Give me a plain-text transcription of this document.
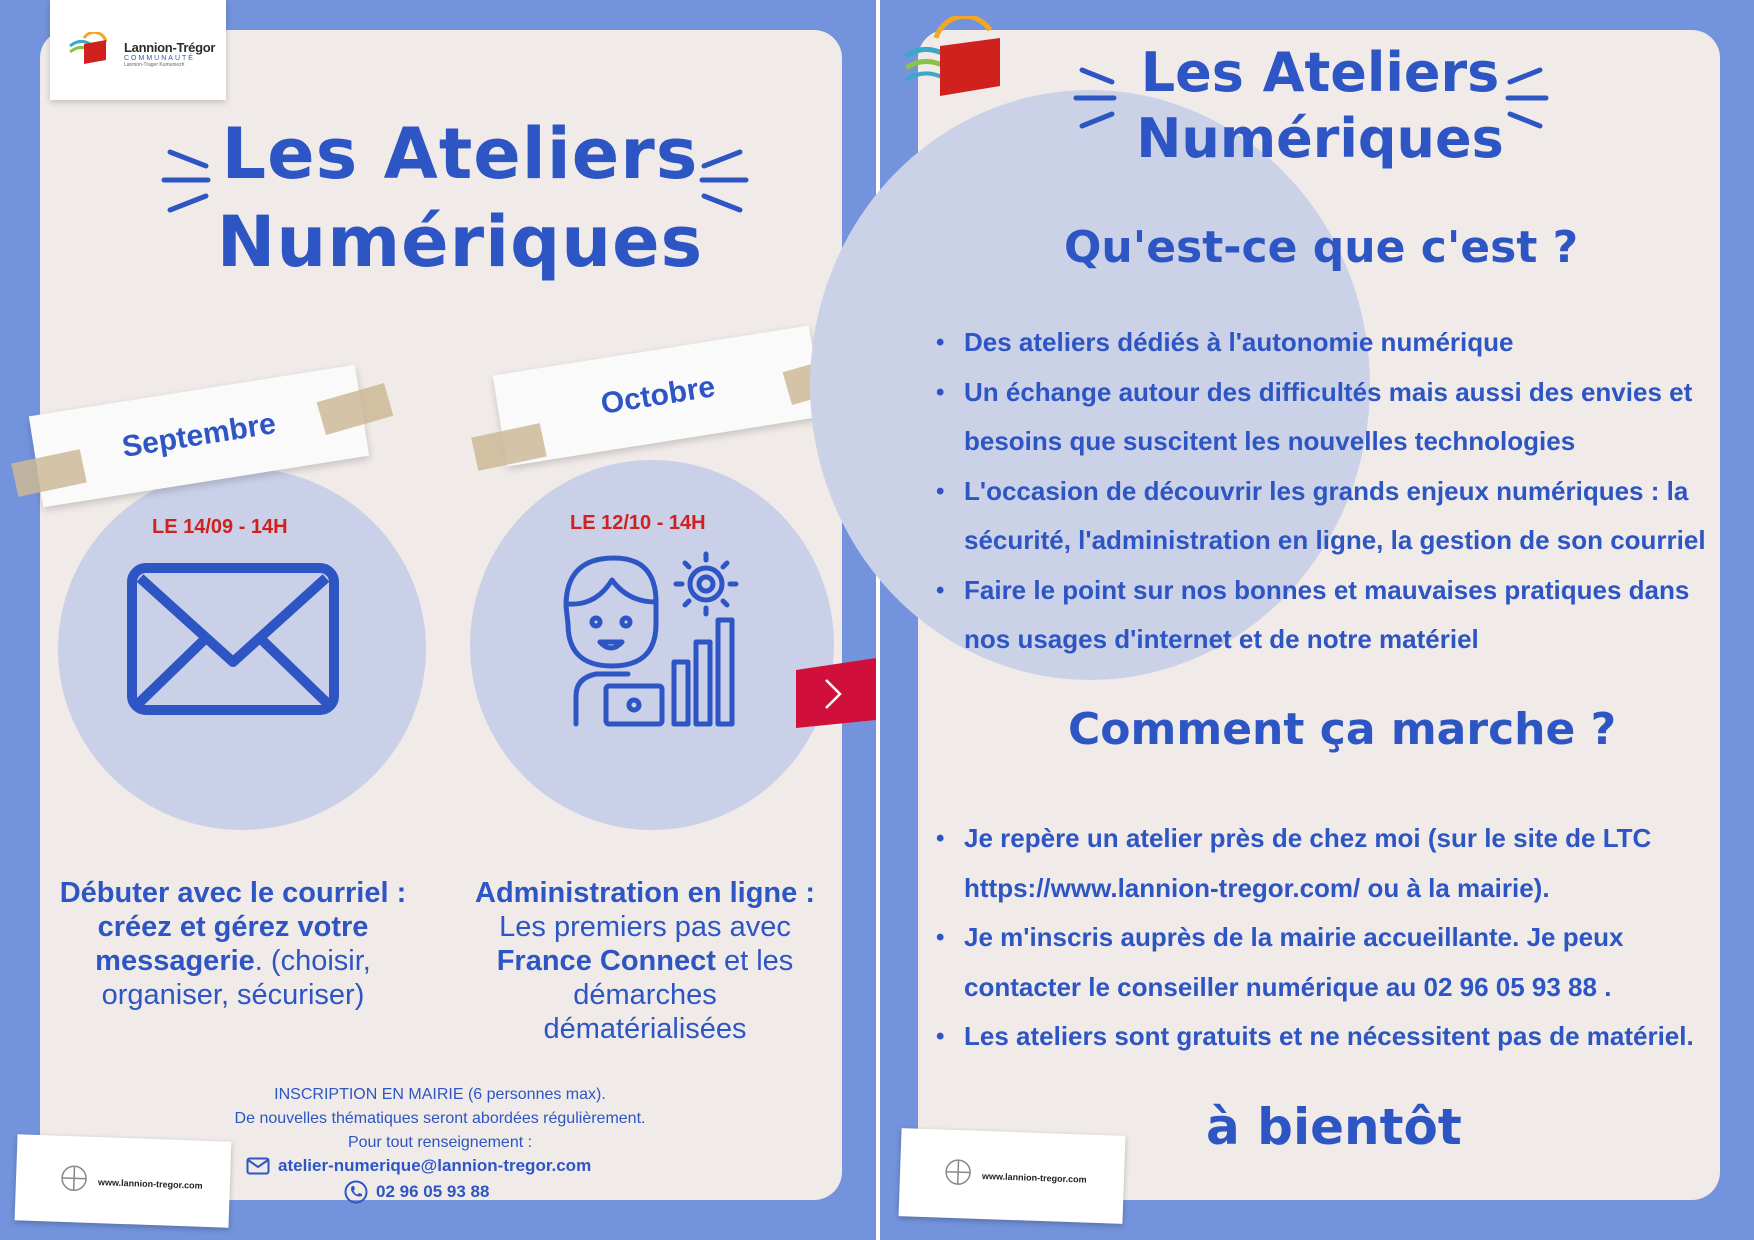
Lannion-Trégor
COMMUNAUTÉ
Lannion-Trager Kumuniezh
Les Ateliers
Numériques
Septembre
Octobre
LE 14/09 - 14H	LE 12/10 - 14H
Débuter avec le courriel :
créez et gérez votre
messagerie. (choisir,
organiser, sécuriser)
Administration en ligne :
Les premiers pas avec
France Connect et les
démarches
dématérialisées
INSCRIPTION EN MAIRIE (6 personnes max).
De nouvelles thématiques seront abordées régulièrement.
Pour tout renseignement :
atelier-numerique@lannion-tregor.com
02 96 05 93 88
www.lannion-tregor.com
Les Ateliers
Numériques
Qu'est-ce que c'est ?
• Des ateliers dédiés à l'autonomie numérique
• Un échange autour des difficultés mais aussi des envies et besoins que suscitent les nouvelles technologies
• L'occasion de découvrir les grands enjeux numériques : la sécurité, l'administration en ligne, la gestion de son courriel
• Faire le point sur nos bonnes et mauvaises pratiques dans nos usages d'internet et de notre matériel
Comment ça marche ?
• Je repère un atelier près de chez moi (sur le site de LTC https://www.lannion-tregor.com/ ou à la mairie).
• Je m'inscris auprès de la mairie accueillante. Je peux contacter le conseiller numérique au 02 96 05 93 88 .
• Les ateliers sont gratuits et ne nécessitent pas de matériel.
à bientôt
www.lannion-tregor.com
